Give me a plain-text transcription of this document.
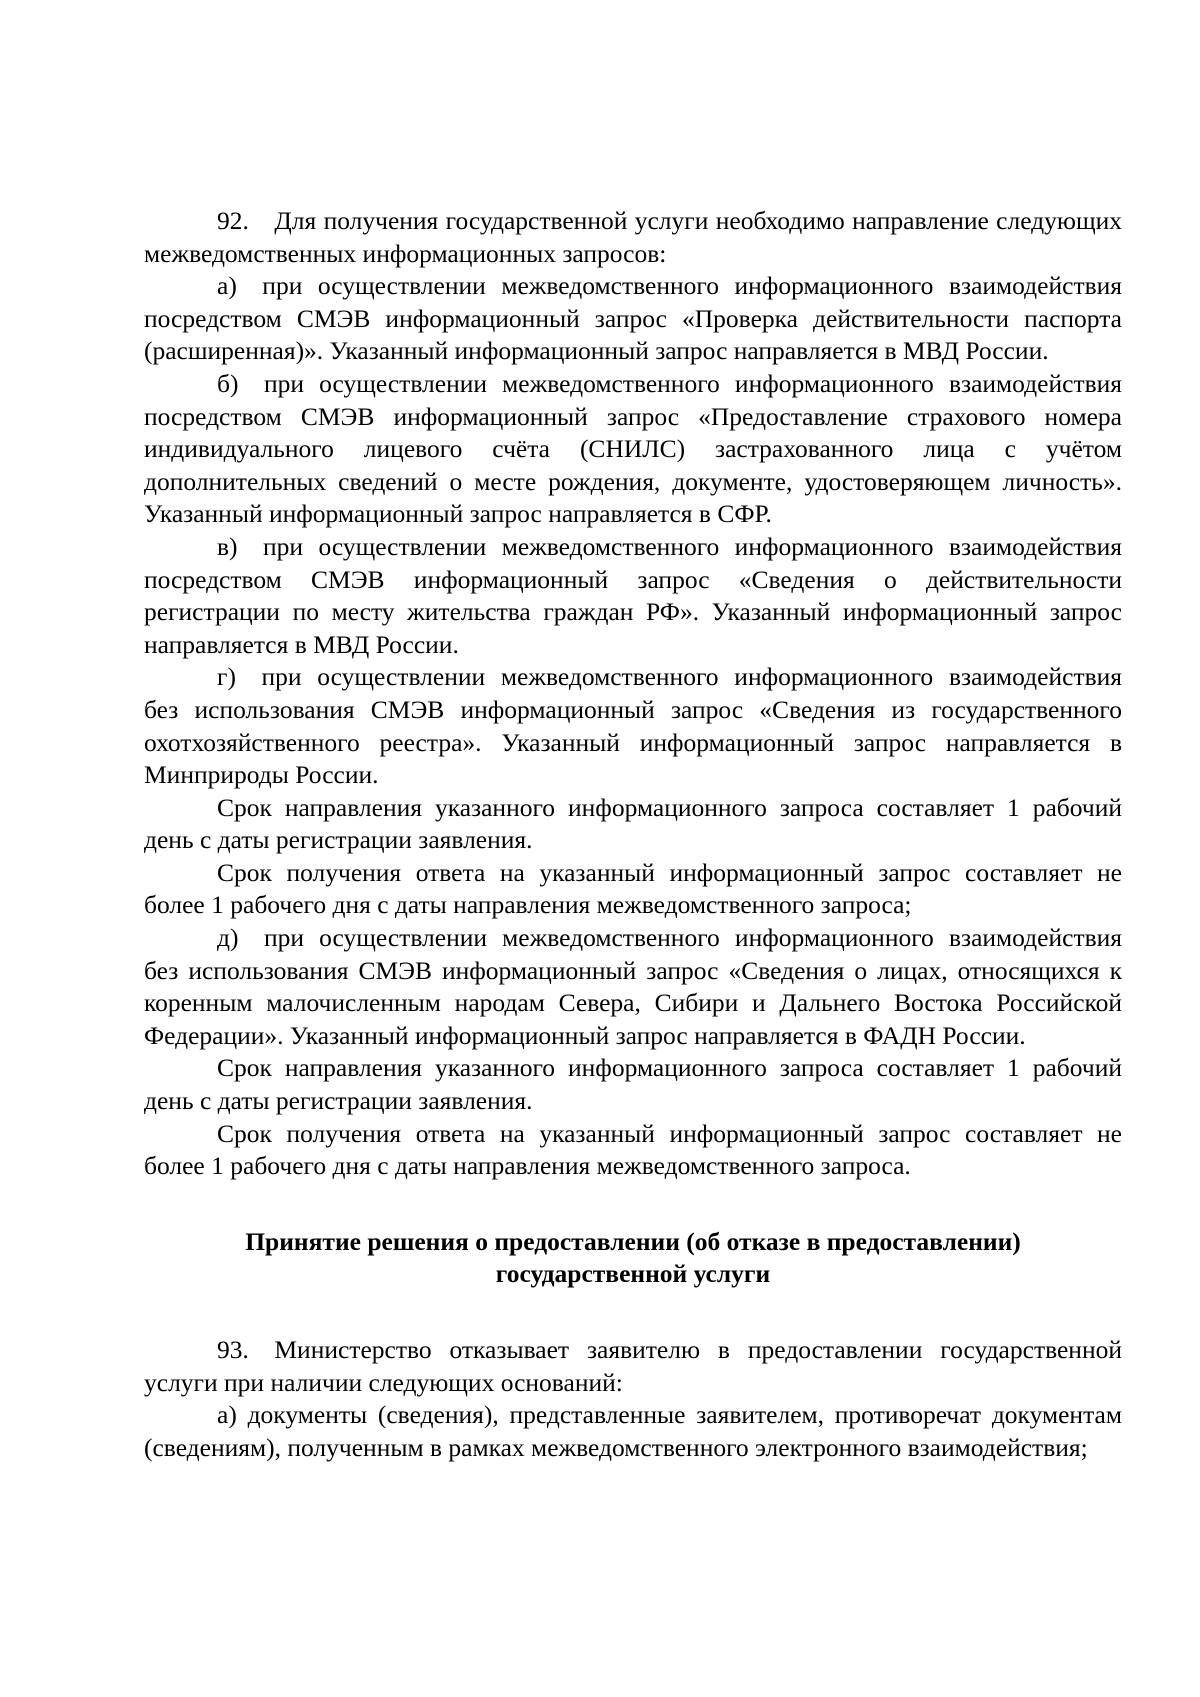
92. Для получения государственной услуги необходимо направление следующих межведомственных информационных запросов:

а) при осуществлении межведомственного информационного взаимодействия посредством СМЭВ информационный запрос «Проверка действительности паспорта (расширенная)». Указанный информационный запрос направляется в МВД России.

б) при осуществлении межведомственного информационного взаимодействия посредством СМЭВ информационный запрос «Предоставление страхового номера индивидуального лицевого счёта (СНИЛС) застрахованного лица с учётом дополнительных сведений о месте рождения, документе, удостоверяющем личность». Указанный информационный запрос направляется в СФР.

в) при осуществлении межведомственного информационного взаимодействия посредством СМЭВ информационный запрос «Сведения о действительности регистрации по месту жительства граждан РФ». Указанный информационный запрос направляется в МВД России.

г) при осуществлении межведомственного информационного взаимодействия без использования СМЭВ информационный запрос «Сведения из государственного охотхозяйственного реестра». Указанный информационный запрос направляется в Минприроды России.

Срок направления указанного информационного запроса составляет 1 рабочий день с даты регистрации заявления.

Срок получения ответа на указанный информационный запрос составляет не более 1 рабочего дня с даты направления межведомственного запроса;

д) при осуществлении межведомственного информационного взаимодействия без использования СМЭВ информационный запрос «Сведения о лицах, относящихся к коренным малочисленным народам Севера, Сибири и Дальнего Востока Российской Федерации». Указанный информационный запрос направляется в ФАДН России.

Срок направления указанного информационного запроса составляет 1 рабочий день с даты регистрации заявления.

Срок получения ответа на указанный информационный запрос составляет не более 1 рабочего дня с даты направления межведомственного запроса.

Принятие решения о предоставлении (об отказе в предоставлении)
государственной услуги

93. Министерство отказывает заявителю в предоставлении государственной услуги при наличии следующих оснований:

а) документы (сведения), представленные заявителем, противоречат документам (сведениям), полученным в рамках межведомственного электронного взаимодействия;
